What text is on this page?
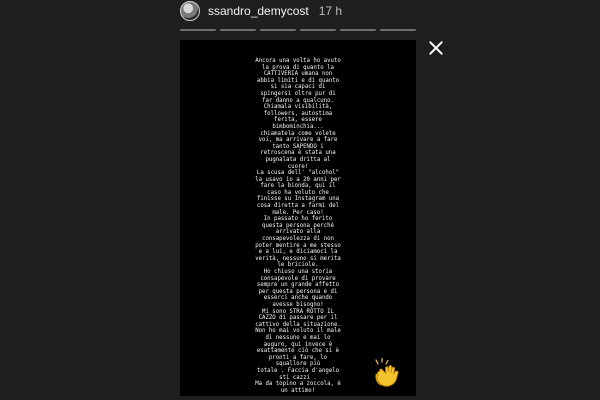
ssandro_demycost 17 h

Ancora una volta ho avuto
la prova di quanto la
CATTIVERIA umana non
abbia limiti e di quanto
si sia capaci di
spingersi oltre pur di
far danno a qualcuno.
Chiamala visibilità,
followers, autostima
ferita, essere
bimbominchia...
chiamatela come volete
voi, ma arrivare a fare
tanto SAPENDO i
retroscena è stata una
pugnalata dritta al
cuore!
La scusa dell' "alcohol"
la usavo io a 20 anni per
fare la bionda, qui il
caso ha voluto che
finisse su Instagram una
cosa diretta a farmi del
male. Per caso!
In passato ho ferito
questa persona perché
arrivato alla
consapevolezza di non
poter mentire a me stesso
e a lui, e diciamoci la
verità, nessuno si merita
le briciole.
Ho chiuso una storia
consapevole di provare
sempre un grande affetto
per questa persona e di
esserci anche quando
avesse bisogno!
Mi sono STRA ROTTO IL
CAZZO di passare per il
cattivo della situazione.
Non ho mai voluto il male
di nessuno e mai lo
auguro, qui invece è
esattamente ciò che si è
pronti a fare, lo
squallore più
totale . Faccia d'angelo
sti cazzi .
Ma da topino a zoccola, è
un attimo!
